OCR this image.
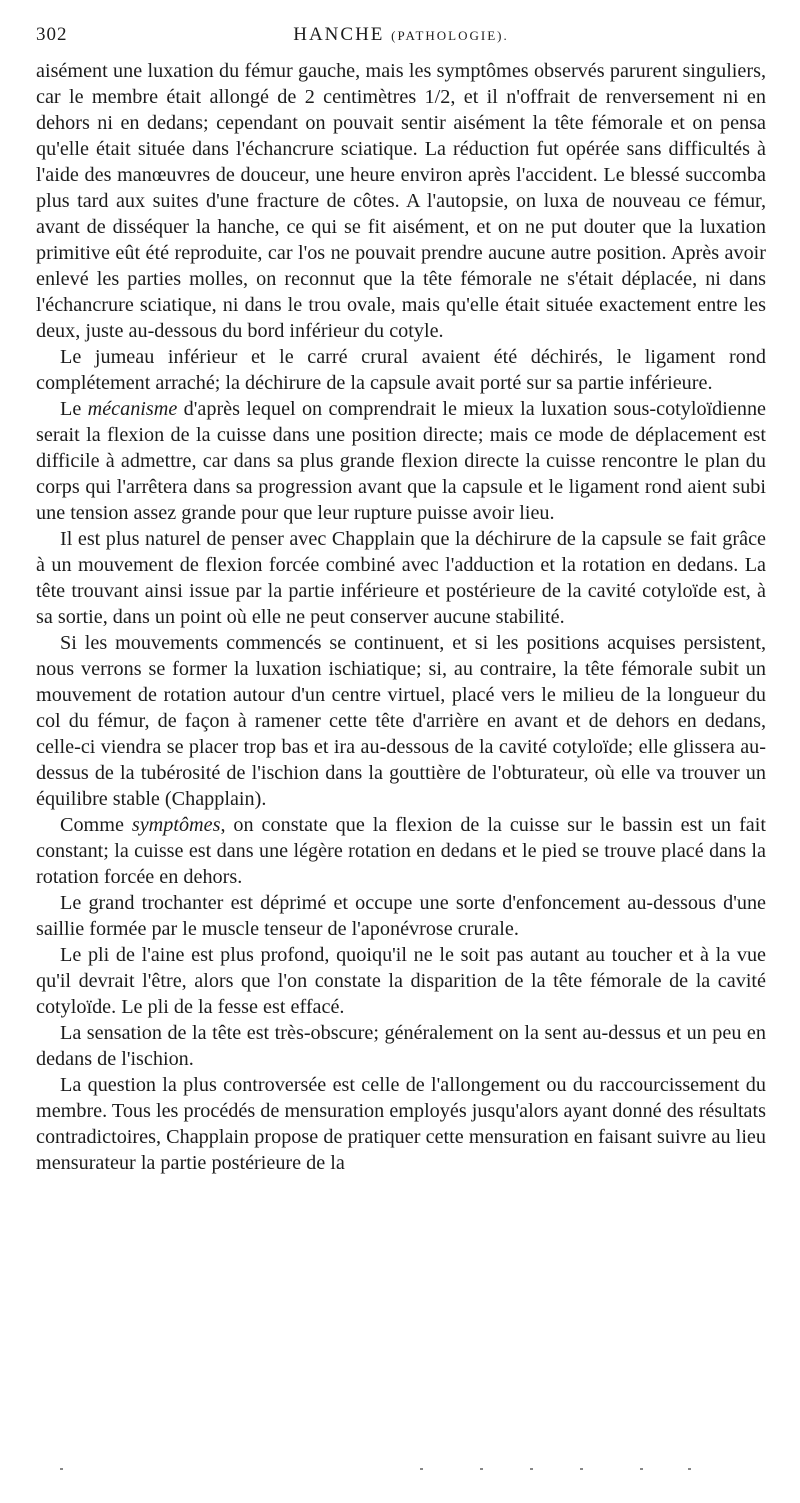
302	HANCHE (PATHOLOGIE).

aisément une luxation du fémur gauche, mais les symptômes observés parurent singuliers, car le membre était allongé de 2 centimètres 1/2, et il n'offrait de renversement ni en dehors ni en dedans; cependant on pouvait sentir aisément la tête fémorale et on pensa qu'elle était située dans l'échancrure sciatique. La réduction fut opérée sans difficultés à l'aide des manœuvres de douceur, une heure environ après l'accident. Le blessé succomba plus tard aux suites d'une fracture de côtes. A l'autopsie, on luxa de nouveau ce fémur, avant de disséquer la hanche, ce qui se fit aisément, et on ne put douter que la luxation primitive eût été reproduite, car l'os ne pouvait prendre aucune autre position. Après avoir enlevé les parties molles, on reconnut que la tête fémorale ne s'était déplacée, ni dans l'échancrure sciatique, ni dans le trou ovale, mais qu'elle était située exactement entre les deux, juste au-dessous du bord inférieur du cotyle.

Le jumeau inférieur et le carré crural avaient été déchirés, le ligament rond complétement arraché; la déchirure de la capsule avait porté sur sa partie inférieure.

Le mécanisme d'après lequel on comprendrait le mieux la luxation sous-cotyloïdienne serait la flexion de la cuisse dans une position directe; mais ce mode de déplacement est difficile à admettre, car dans sa plus grande flexion directe la cuisse rencontre le plan du corps qui l'arrêtera dans sa progression avant que la capsule et le ligament rond aient subi une tension assez grande pour que leur rupture puisse avoir lieu.

Il est plus naturel de penser avec Chapplain que la déchirure de la capsule se fait grâce à un mouvement de flexion forcée combiné avec l'adduction et la rotation en dedans. La tête trouvant ainsi issue par la partie inférieure et postérieure de la cavité cotyloïde est, à sa sortie, dans un point où elle ne peut conserver aucune stabilité.

Si les mouvements commencés se continuent, et si les positions acquises persistent, nous verrons se former la luxation ischiatique; si, au contraire, la tête fémorale subit un mouvement de rotation autour d'un centre virtuel, placé vers le milieu de la longueur du col du fémur, de façon à ramener cette tête d'arrière en avant et de dehors en dedans, celle-ci viendra se placer trop bas et ira au-dessous de la cavité cotyloïde; elle glissera au-dessus de la tubérosité de l'ischion dans la gouttière de l'obturateur, où elle va trouver un équilibre stable (Chapplain).

Comme symptômes, on constate que la flexion de la cuisse sur le bassin est un fait constant; la cuisse est dans une légère rotation en dedans et le pied se trouve placé dans la rotation forcée en dehors.

Le grand trochanter est déprimé et occupe une sorte d'enfoncement au-dessous d'une saillie formée par le muscle tenseur de l'aponévrose crurale.

Le pli de l'aine est plus profond, quoiqu'il ne le soit pas autant au toucher et à la vue qu'il devrait l'être, alors que l'on constate la disparition de la tête fémorale de la cavité cotyloïde. Le pli de la fesse est effacé.

La sensation de la tête est très-obscure; généralement on la sent au-dessus et un peu en dedans de l'ischion.

La question la plus controversée est celle de l'allongement ou du raccourcissement du membre. Tous les procédés de mensuration employés jusqu'alors ayant donné des résultats contradictoires, Chapplain propose de pratiquer cette mensuration en faisant suivre au lieu mensurateur la partie postérieure de la
